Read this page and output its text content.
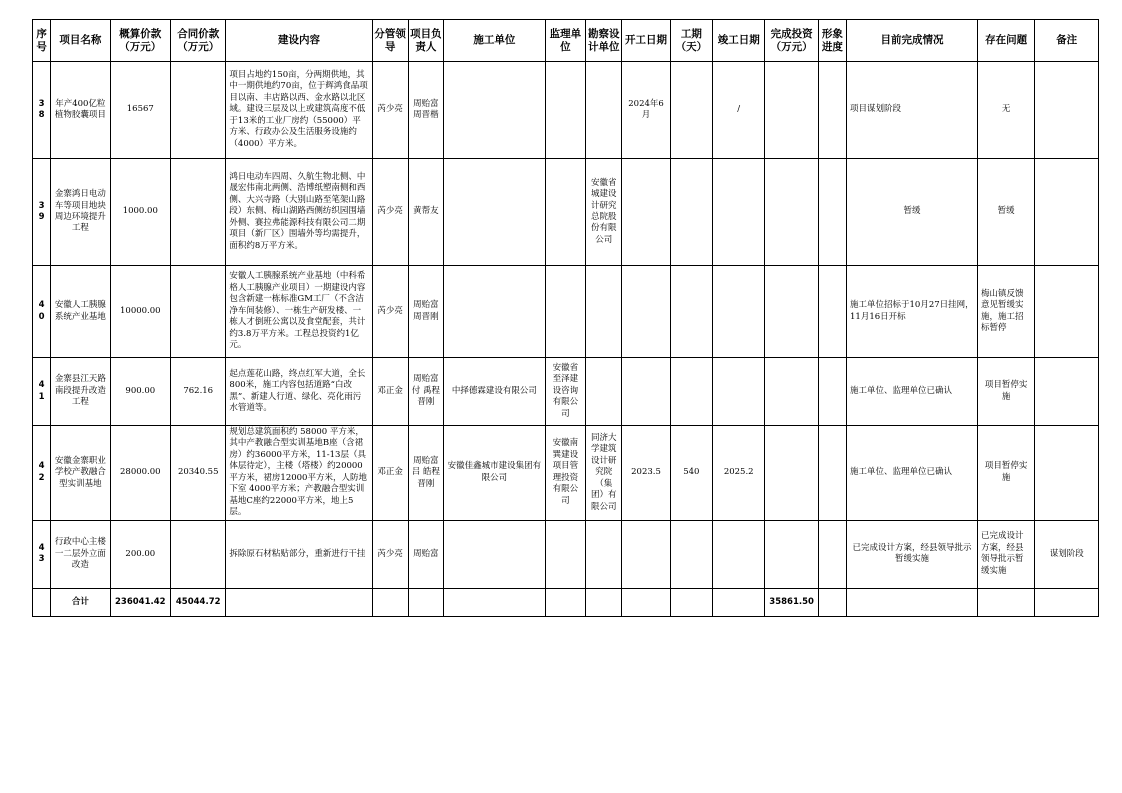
序号	项目名称	概算价款（万元）	合同价款（万元）	建设内容	分管领导	项目负责人	施工单位	监理单位	勘察设计单位	开工日期	工期（天）	竣工日期	完成投资（万元）	形象进度	目前完成情况	存在问题	备注
38	年产400亿粒植物胶囊项目	16567		项目占地约150亩，分两期供地，其中一期供地约70亩，位于辉鸿食品项目以南、丰店路以西、金水路以北区域。建设三层及以上或建筑高度不低于13米的工业厂房约（55000）平方米、行政办公及生活服务设施约（4000）平方米。	芮少亮	周贻富周晋楷				2024年6月		/			项目谋划阶段	无	
39	金寨鸿日电动车等项目地块周边环境提升工程	1000.00		鸿日电动车四周、久航生物北侧、中晟宏伟南北两侧、浩博纸塑南侧和西侧、大兴寺路（大别山路至笔架山路段）东侧、梅山湖路西侧纺织园围墙外侧、赛拉弗能源科技有限公司二期项目（新厂区）围墙外等均需提升，面积约8万平方米。	芮少亮	黄帮友			安徽省城建设计研究总院股份有限公司						暂缓	暂缓	
40	安徽人工胰腺系统产业基地	10000.00		安徽人工胰腺系统产业基地（中科希格人工胰腺产业项目）一期建设内容包含新建一栋标准GM工厂（不含洁净车间装修）、一栋生产研发楼、一栋人才倒班公寓以及食堂配套，共计约3.8万平方米。工程总投资约1亿元。	芮少亮	周贻富周晋刚									施工单位招标于10月27日挂网，11月16日开标	梅山镇反馈意见暂缓实施，施工招标暂停	
41	金寨县江天路南段提升改造工程	900.00	762.16	起点莲花山路，终点红军大道，全长800米，施工内容包括道路“白改黑”、新建人行道、绿化、亮化雨污水管道等。	邓正金	周贻富付 禹程晋刚	中择德霖建设有限公司	安徽省至泽建设咨询有限公司							施工单位、监理单位已确认	项目暂停实施	
42	安徽金寨职业学校产教融合型实训基地	28000.00	20340.55	规划总建筑面积约 58000 平方米，其中产教融合型实训基地B座（含裙房）约36000平方米，11-13层（具体层待定），主楼（塔楼）约20000平方米，裙房12000平方米，人防地下室 4000平方米；产教融合型实训基地C座约22000平方米，地上5层。	邓正金	周贻富吕 皓程晋刚	安徽佳鑫城市建设集团有限公司	安徽南巽建设项目管理投资有限公司	同济大学建筑设计研究院（集团）有限公司	2023.5	540	2025.2			施工单位、监理单位已确认	项目暂停实施	
43	行政中心主楼一二层外立面改造	200.00		拆除原石材粘贴部分，重新进行干挂	芮少亮	周贻富									已完成设计方案，经县领导批示暂缓实施	已完成设计方案，经县领导批示暂缓实施	谋划阶段
	合计	236041.42	45044.72										35861.50				
